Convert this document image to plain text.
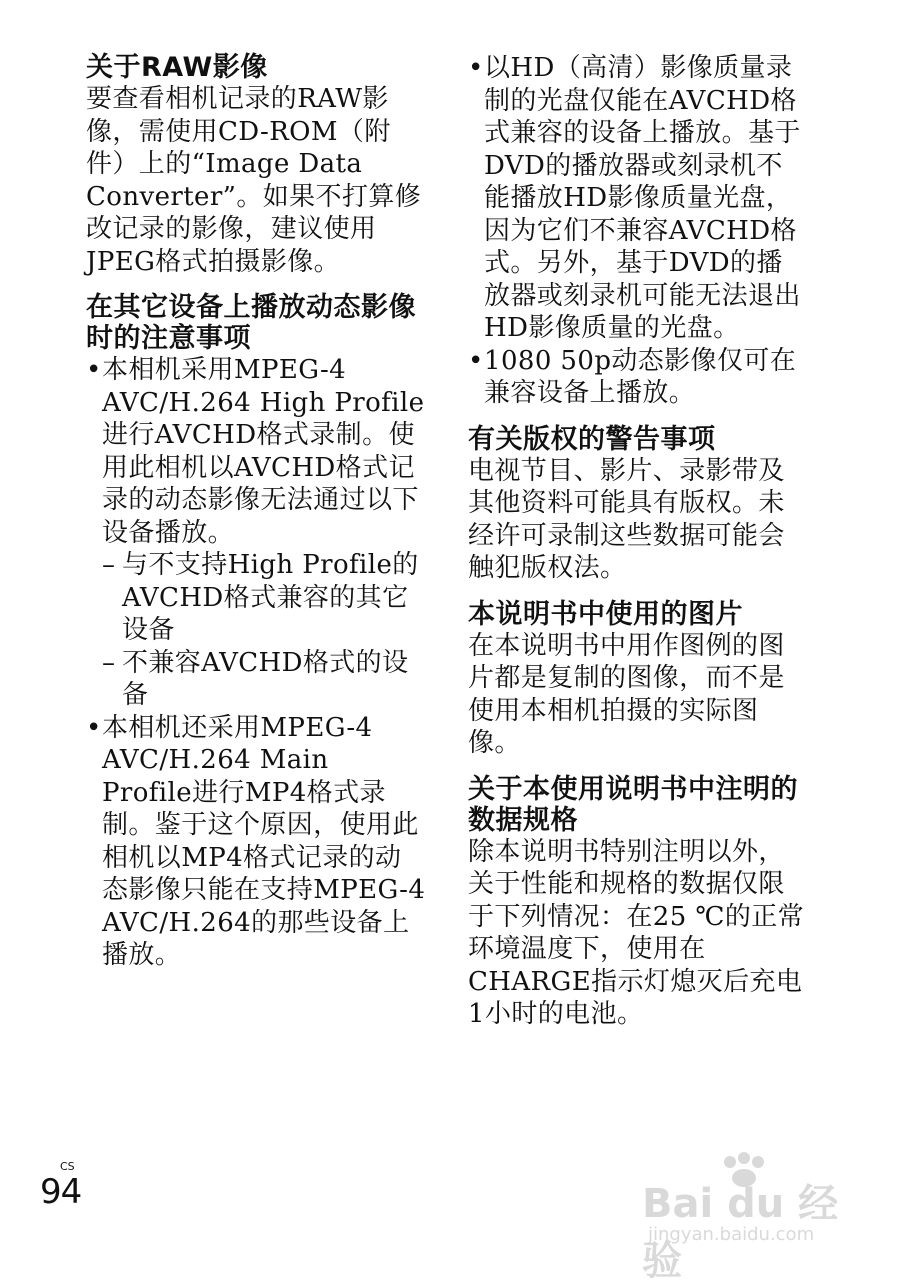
关于RAW影像

要查看相机记录的RAW影像，需使用CD-ROM（附件）上的“Image Data Converter”。如果不打算修改记录的影像，建议使用JPEG格式拍摄影像。

在其它设备上播放动态影像时的注意事项
• 本相机采用MPEG-4 AVC/H.264 High Profile进行AVCHD格式录制。使用此相机以AVCHD格式记录的动态影像无法通过以下设备播放。
– 与不支持High Profile的AVCHD格式兼容的其它设备
– 不兼容AVCHD格式的设备
• 本相机还采用MPEG-4 AVC/H.264 Main Profile进行MP4格式录制。鉴于这个原因，使用此相机以MP4格式记录的动态影像只能在支持MPEG-4 AVC/H.264的那些设备上播放。
• 以HD（高清）影像质量录制的光盘仅能在AVCHD格式兼容的设备上播放。基于DVD的播放器或刻录机不能播放HD影像质量光盘，因为它们不兼容AVCHD格式。另外，基于DVD的播放器或刻录机可能无法退出HD影像质量的光盘。
• 1080 50p动态影像仅可在兼容设备上播放。
有关版权的警告事项

电视节目、影片、录影带及其他资料可能具有版权。未经许可录制这些数据可能会触犯版权法。

本说明书中使用的图片

在本说明书中用作图例的图片都是复制的图像，而不是使用本相机拍摄的实际图像。

关于本使用说明书中注明的数据规格

除本说明书特别注明以外，关于性能和规格的数据仅限于下列情况：在25 ℃的正常环境温度下，使用在CHARGE指示灯熄灭后充电1小时的电池。

CS
94	Bai du 经验
jingyan.baidu.com
